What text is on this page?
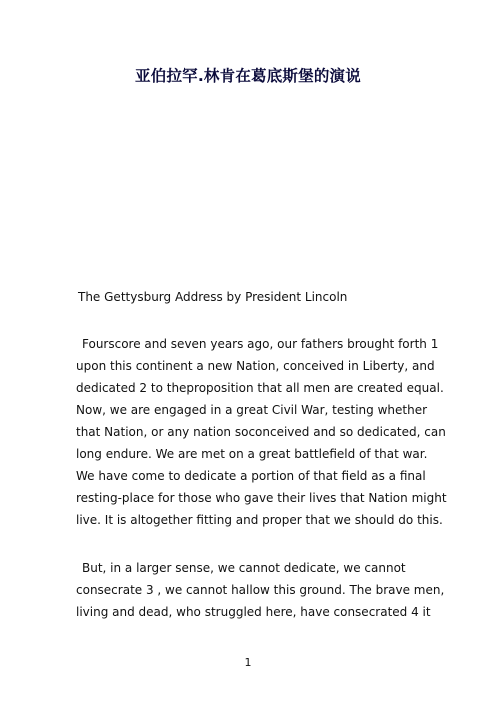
亚伯拉罕.林肯在葛底斯堡的演说
The Gettysburg Address by President Lincoln
Fourscore and seven years ago, our fathers brought forth 1
upon this continent a new Nation, conceived in Liberty, and
dedicated 2 to theproposition that all men are created equal.
Now, we are engaged in a great Civil War, testing whether
that Nation, or any nation soconceived and so dedicated, can
long endure. We are met on a great battlefield of that war.
We have come to dedicate a portion of that field as a final
resting-place for those who gave their lives that Nation might
live. It is altogether fitting and proper that we should do this.
But, in a larger sense, we cannot dedicate, we cannot
consecrate 3 , we cannot hallow this ground. The brave men,
living and dead, who struggled here, have consecrated 4 it
1
